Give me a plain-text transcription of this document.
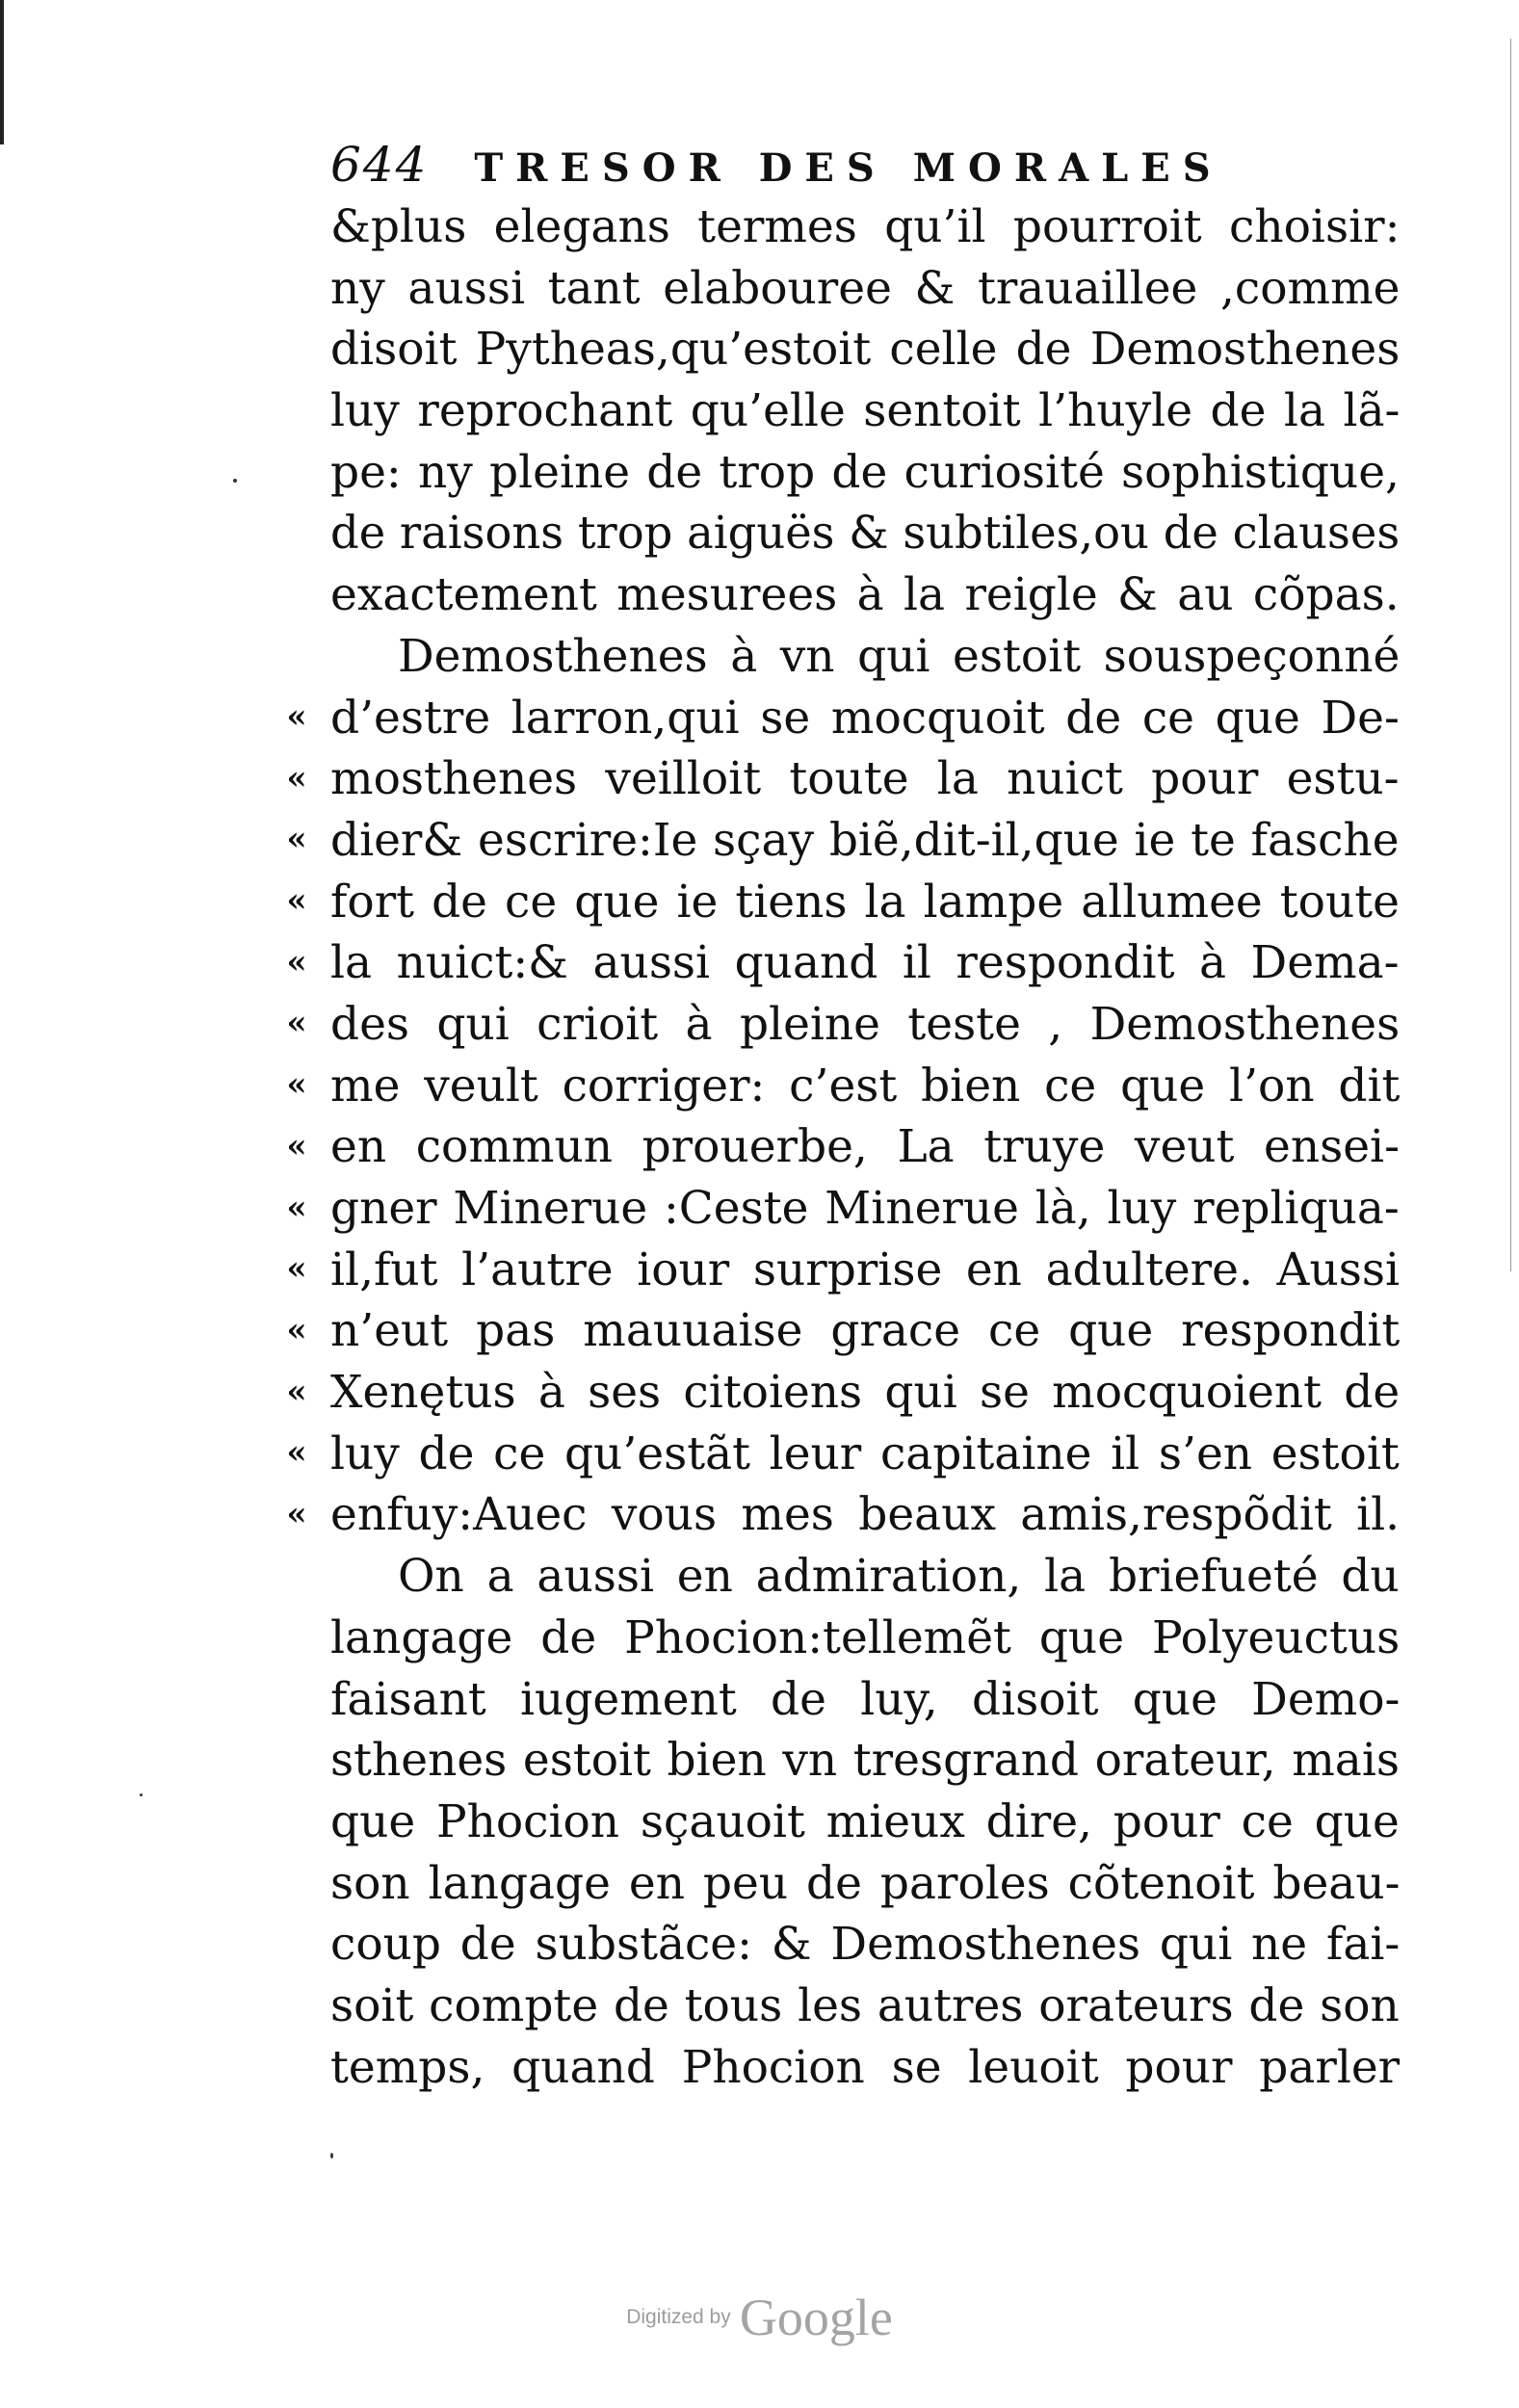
644 TRESOR DES MORALES
&plus elegans termes qu’il pourroit choisir:
ny aussi tant elabouree & trauaillee ,comme
disoit Pytheas,qu’estoit celle de Demosthenes
luy reprochant qu’elle sentoit l’huyle de la lã-
pe: ny pleine de trop de curiosité sophistique,
de raisons trop aiguës & subtiles,ou de clauses
exactement mesurees à la reigle & au cõpas.
Demosthenes à vn qui estoit souspeçonné
d’estre larron,qui se mocquoit de ce que De-
mosthenes veilloit toute la nuict pour estu-
dier& escrire:Ie sçay biẽ,dit-il,que ie te fasche
fort de ce que ie tiens la lampe allumee toute
la nuict:& aussi quand il respondit à Dema-
des qui crioit à pleine teste , Demosthenes
me veult corriger: c’est bien ce que l’on dit
en commun prouerbe, La truye veut ensei-
gner Minerue :Ceste Minerue là, luy repliqua-
il,fut l’autre iour surprise en adultere. Aussi
n’eut pas mauuaise grace ce que respondit
Xenętus à ses citoiens qui se mocquoient de
luy de ce qu’estãt leur capitaine il s’en estoit
enfuy:Auec vous mes beaux amis,respõdit il.
On a aussi en admiration, la briefueté du
langage de Phocion:tellemẽt que Polyeuctus
faisant iugement de luy, disoit que Demo-
sthenes estoit bien vn tresgrand orateur, mais
que Phocion sçauoit mieux dire, pour ce que
son langage en peu de paroles cõtenoit beau-
coup de substãce: & Demosthenes qui ne fai-
soit compte de tous les autres orateurs de son
temps, quand Phocion se leuoit pour parler
«
«
«
«
«
«
«
«
«
«
«
«
«
«
Digitized by Google
